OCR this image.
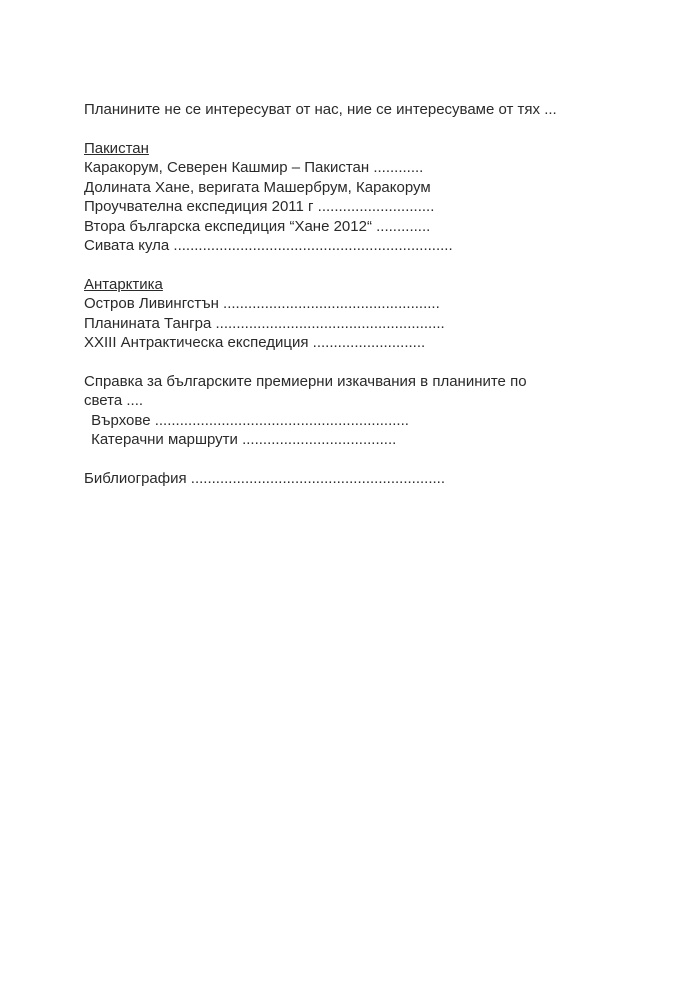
Планините не се интересуват от нас, ние се интересуваме от тях ...

Пакистан

Каракорум, Северен Кашмир – Пакистан ............

Долината Хане, веригата Машербрум, Каракорум

Проучвателна експедиция 2011 г ............................

Втора българска експедиция “Хане 2012“ .............

Сивата кула ...................................................................

Антарктика

Остров Ливингстън ....................................................

Планината Тангра .......................................................

ХХІІІ Антрактическа експедиция ...........................

Справка за българските премиерни изкачвания в планините по

света ....

Върхове .............................................................

Катерачни маршрути .....................................

Библиография .............................................................
